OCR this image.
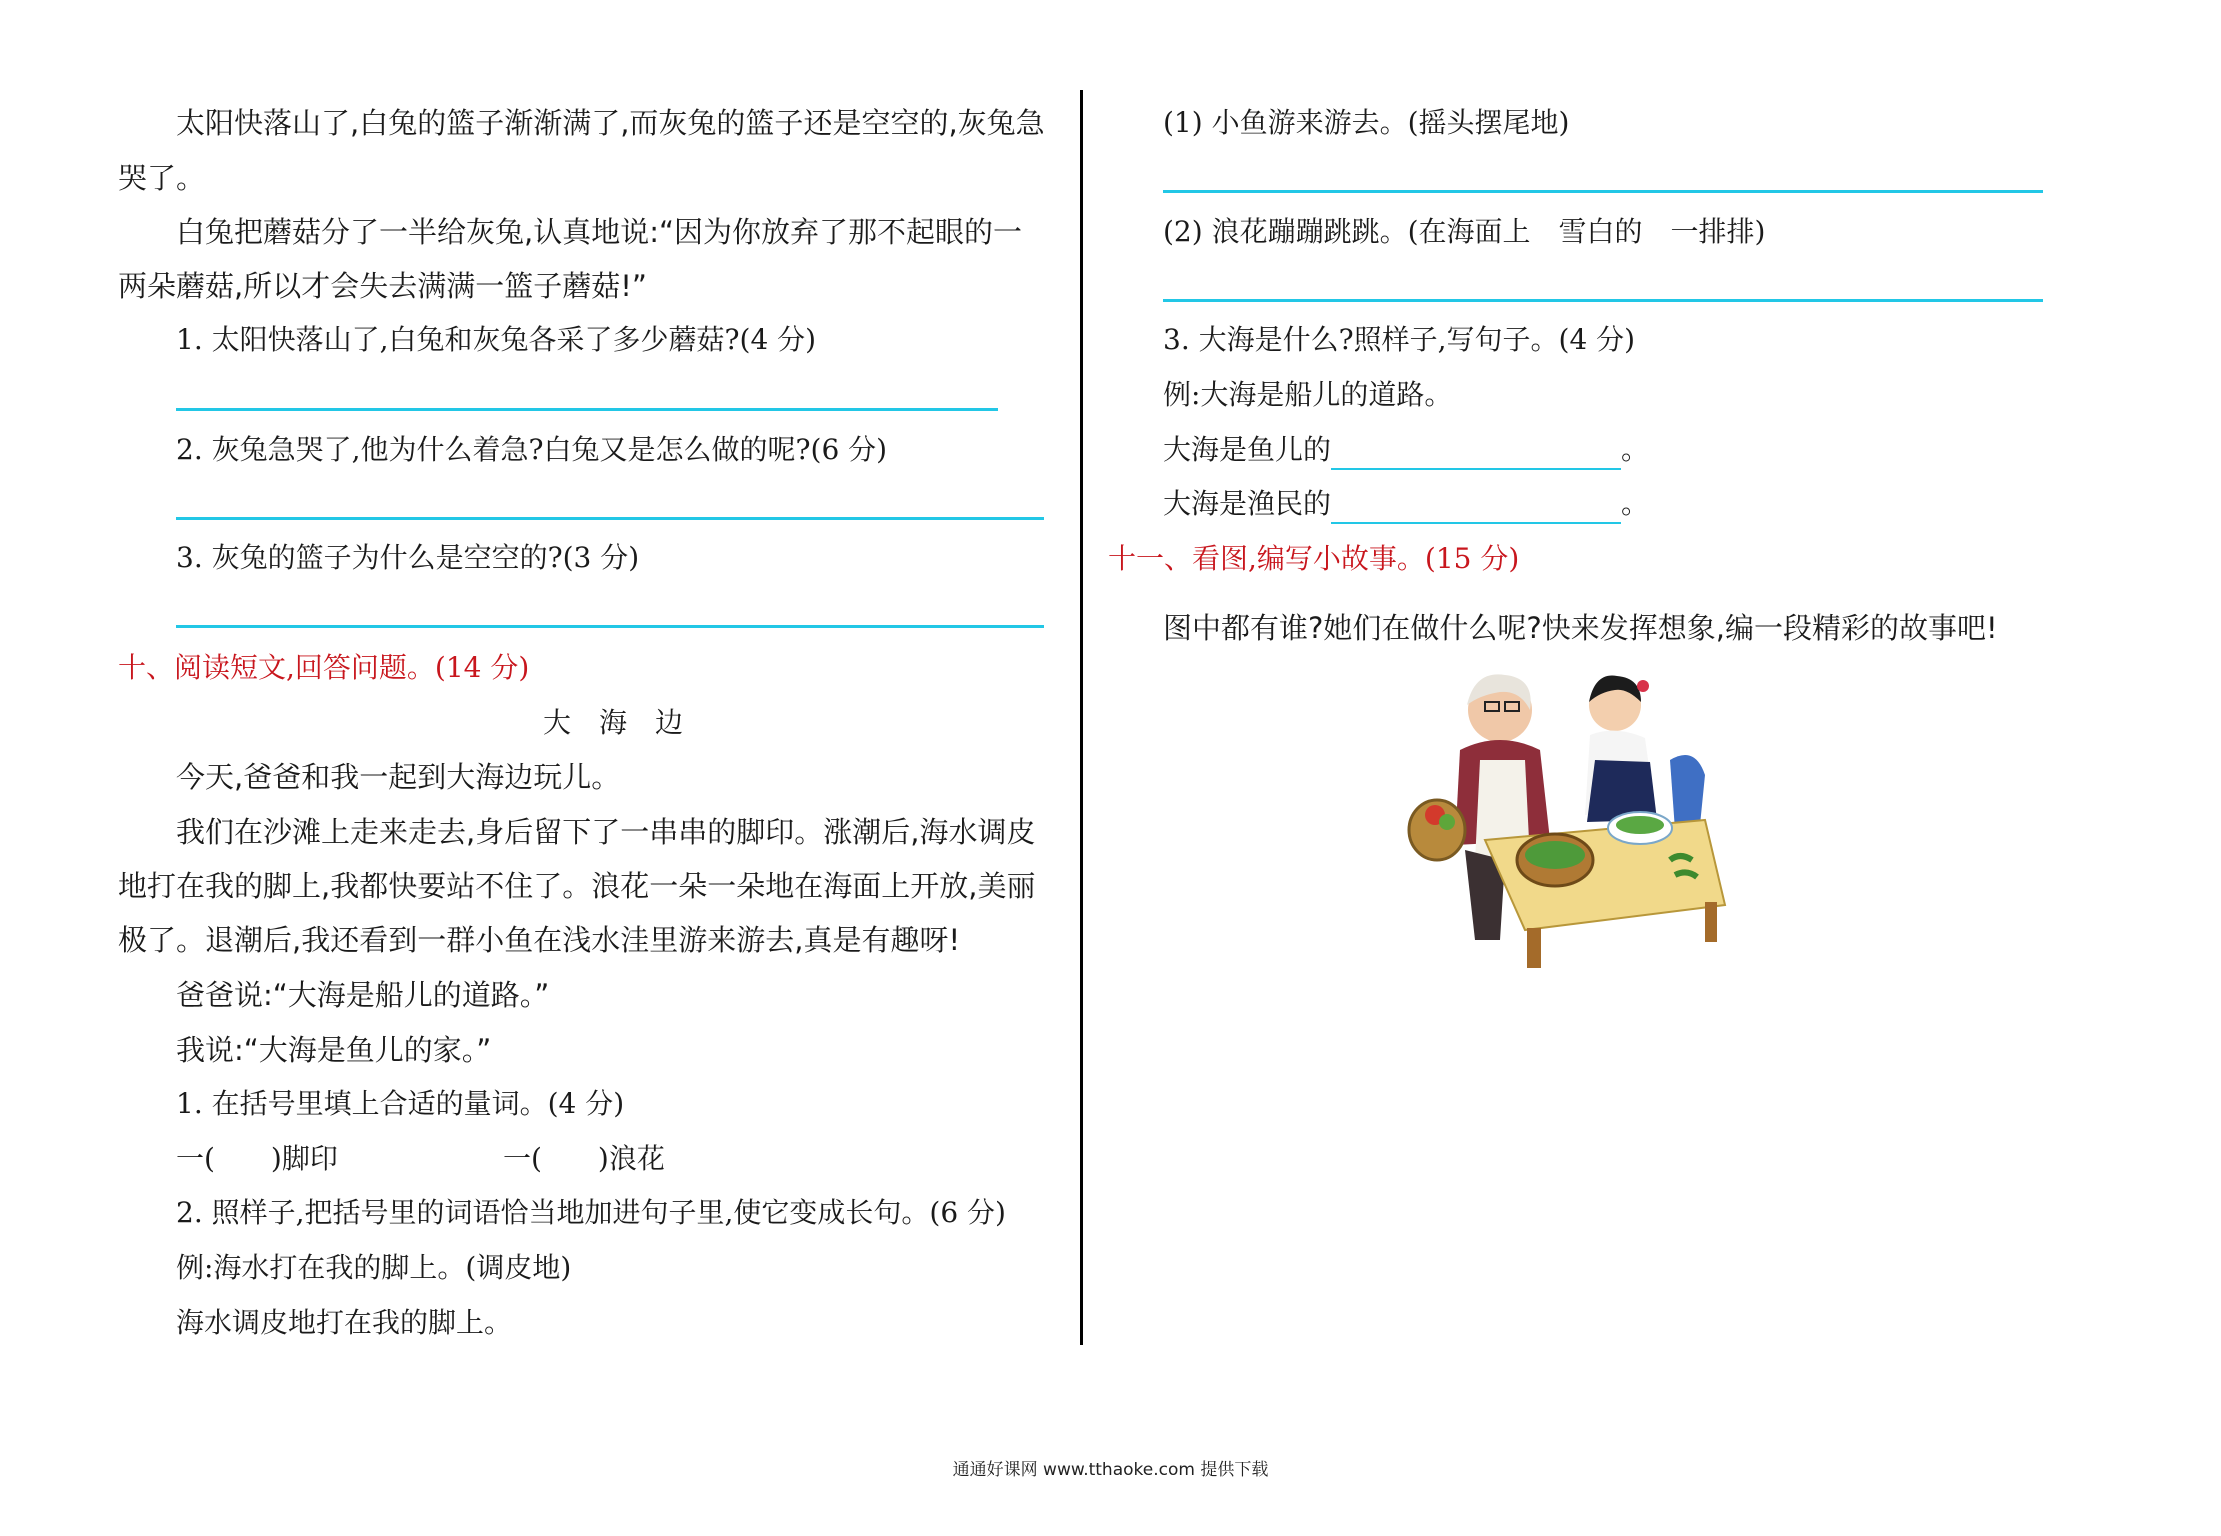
太阳快落山了,白兔的篮子渐渐满了,而灰兔的篮子还是空空的,灰兔急
哭了。
白兔把蘑菇分了一半给灰兔,认真地说:“因为你放弃了那不起眼的一
两朵蘑菇,所以才会失去满满一篮子蘑菇!”
1. 太阳快落山了,白兔和灰兔各采了多少蘑菇?(4 分)
2. 灰兔急哭了,他为什么着急?白兔又是怎么做的呢?(6 分)
3. 灰兔的篮子为什么是空空的?(3 分)
十、阅读短文,回答问题。(14 分)
大　海　边
今天,爸爸和我一起到大海边玩儿。
我们在沙滩上走来走去,身后留下了一串串的脚印。涨潮后,海水调皮
地打在我的脚上,我都快要站不住了。浪花一朵一朵地在海面上开放,美丽
极了。退潮后,我还看到一群小鱼在浅水洼里游来游去,真是有趣呀!
爸爸说:“大海是船儿的道路。”
我说:“大海是鱼儿的家。”
1. 在括号里填上合适的量词。(4 分)
一(　　)脚印	一(　　)浪花
2. 照样子,把括号里的词语恰当地加进句子里,使它变成长句。(6 分)
例:海水打在我的脚上。(调皮地)
海水调皮地打在我的脚上。
(1) 小鱼游来游去。(摇头摆尾地)
(2) 浪花蹦蹦跳跳。(在海面上　雪白的　一排排)
3. 大海是什么?照样子,写句子。(4 分)
例:大海是船儿的道路。
大海是鱼儿的	。
大海是渔民的	。
十一、看图,编写小故事。(15 分)
图中都有谁?她们在做什么呢?快来发挥想象,编一段精彩的故事吧!
通通好课网 www.tthaoke.com 提供下载
